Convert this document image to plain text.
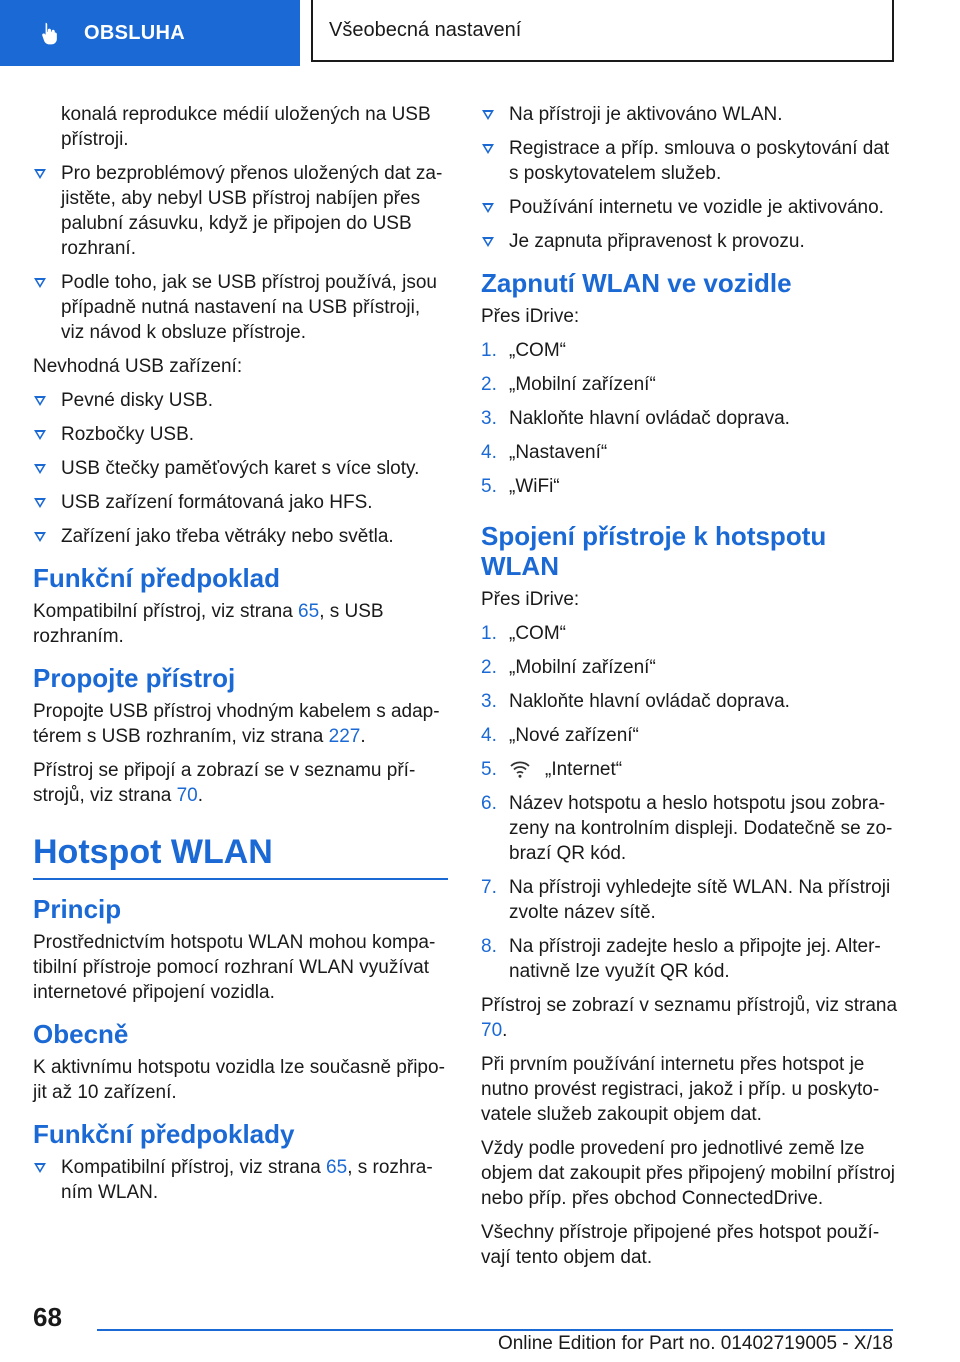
OBSLUHA	Všeobecná nastavení

konalá reprodukce médií uložených na USB přístroji.

Pro bezproblémový přenos uložených dat zajistěte, aby nebyl USB přístroj nabíjen přes palubní zásuvku, když je připojen do USB rozhraní.
Podle toho, jak se USB přístroj používá, jsou případně nutná nastavení na USB přístroji, viz návod k obsluze přístroje.

Nevhodná USB zařízení:

Pevné disky USB.
Rozbočky USB.
USB čtečky paměťových karet s více sloty.
USB zařízení formátovaná jako HFS.
Zařízení jako třeba větráky nebo světla.
Funkční předpoklad

Kompatibilní přístroj, viz strana 65, s USB rozhraním.

Propojte přístroj

Propojte USB přístroj vhodným kabelem s adaptérem s USB rozhraním, viz strana 227.

Přístroj se připojí a zobrazí se v seznamu přístrojů, viz strana 70.

Hotspot WLAN
Princip

Prostřednictvím hotspotu WLAN mohou kompatibilní přístroje pomocí rozhraní WLAN využívat internetové připojení vozidla.

Obecně

K aktivnímu hotspotu vozidla lze současně připojit až 10 zařízení.

Funkční předpoklady
Kompatibilní přístroj, viz strana 65, s rozhraním WLAN.
Na přístroji je aktivováno WLAN.
Registrace a příp. smlouva o poskytování dat s poskytovatelem služeb.
Používání internetu ve vozidle je aktivováno.
Je zapnuta připravenost k provozu.
Zapnutí WLAN ve vozidle

Přes iDrive:

1. „COM“
2. „Mobilní zařízení“
3. Nakloňte hlavní ovládač doprava.
4. „Nastavení“
5. „WiFi“
Spojení přístroje k hotspotu WLAN

Přes iDrive:

1. „COM“
2. „Mobilní zařízení“
3. Nakloňte hlavní ovládač doprava.
4. „Nové zařízení“
5.	„Internet“
6. Název hotspotu a heslo hotspotu jsou zobrazeny na kontrolním displeji. Dodatečně se zobrazí QR kód.
7. Na přístroji vyhledejte sítě WLAN. Na přístroji zvolte název sítě.
8. Na přístroji zadejte heslo a připojte jej. Alternativně lze využít QR kód.

Přístroj se zobrazí v seznamu přístrojů, viz strana 70.

Při prvním používání internetu přes hotspot je nutno provést registraci, jakož i příp. u poskytovatele služeb zakoupit objem dat.

Vždy podle provedení pro jednotlivé země lze objem dat zakoupit přes připojený mobilní přístroj nebo příp. přes obchod ConnectedDrive.

Všechny přístroje připojené přes hotspot používají tento objem dat.

68
Online Edition for Part no. 01402719005 - X/18
